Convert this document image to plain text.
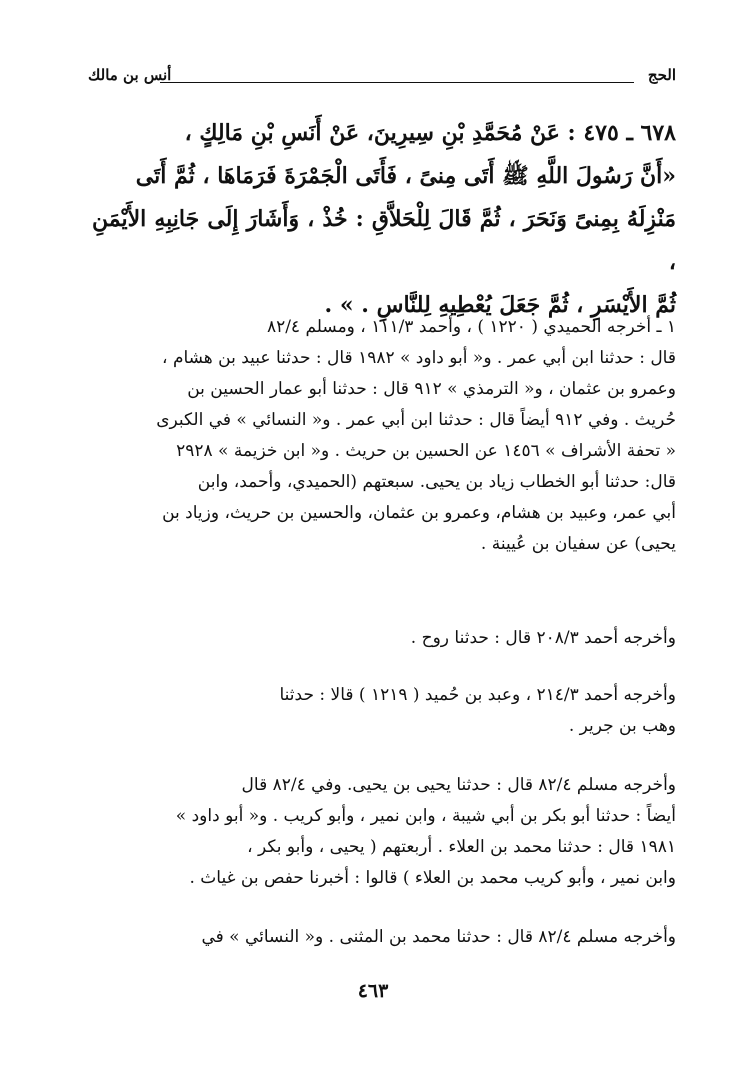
الحج
أنس بن مالك

٦٧٨ ـ ٤٧٥ : عَنْ مُحَمَّدِ بْنِ سِيرِينَ، عَنْ أَنَسِ بْنِ مَالِكٍ ،

«أَنَّ رَسُولَ اللَّهِ ﷺ أَتَى مِنىً ، فَأَتَى الْجَمْرَةَ فَرَمَاهَا ، ثُمَّ أَتَى

مَنْزِلَهُ بِمِنىً وَنَحَرَ ، ثُمَّ قَالَ لِلْحَلاَّقِ : خُذْ ، وَأَشَارَ إِلَى جَانِبِهِ الأَيْمَنِ ،

ثُمَّ الأَيْسَرِ ، ثُمَّ جَعَلَ يُعْطِيهِ لِلنَّاسِ . » .

١ ـ أخرجه الحميدي ( ١٢٢٠ ) ، وأحمد ١١١/٣ ، ومسلم ٨٢/٤

قال : حدثنا ابن أبي عمر . و« أبو داود » ١٩٨٢ قال : حدثنا عبيد بن هشام ،

وعمرو بن عثمان ، و« الترمذي » ٩١٢ قال : حدثنا أبو عمار الحسين بن

حُريث . وفي ٩١٢ أيضاً قال : حدثنا ابن أبي عمر . و« النسائي » في الكبرى

« تحفة الأشراف » ١٤٥٦ عن الحسين بن حريث . و« ابن خزيمة » ٢٩٢٨

قال: حدثنا أبو الخطاب زياد بن يحيى. سبعتهم (الحميدي، وأحمد، وابن

أبي عمر، وعبيد بن هشام، وعمرو بن عثمان، والحسين بن حريث، وزياد بن

يحيى) عن سفيان بن عُيينة .

وأخرجه أحمد ٢٠٨/٣ قال : حدثنا روح .

وأخرجه أحمد ٢١٤/٣ ، وعبد بن حُميد ( ١٢١٩ ) قالا : حدثنا

وهب بن جرير .

وأخرجه مسلم ٨٢/٤ قال : حدثنا يحيى بن يحيى. وفي ٨٢/٤ قال

أيضاً : حدثنا أبو بكر بن أبي شيبة ، وابن نمير ، وأبو كريب . و« أبو داود »

١٩٨١ قال : حدثنا محمد بن العلاء . أربعتهم ( يحيى ، وأبو بكر ،

وابن نمير ، وأبو كريب محمد بن العلاء ) قالوا : أخبرنا حفص بن غياث .

وأخرجه مسلم ٨٢/٤ قال : حدثنا محمد بن المثنى . و« النسائي » في

٤٦٣
